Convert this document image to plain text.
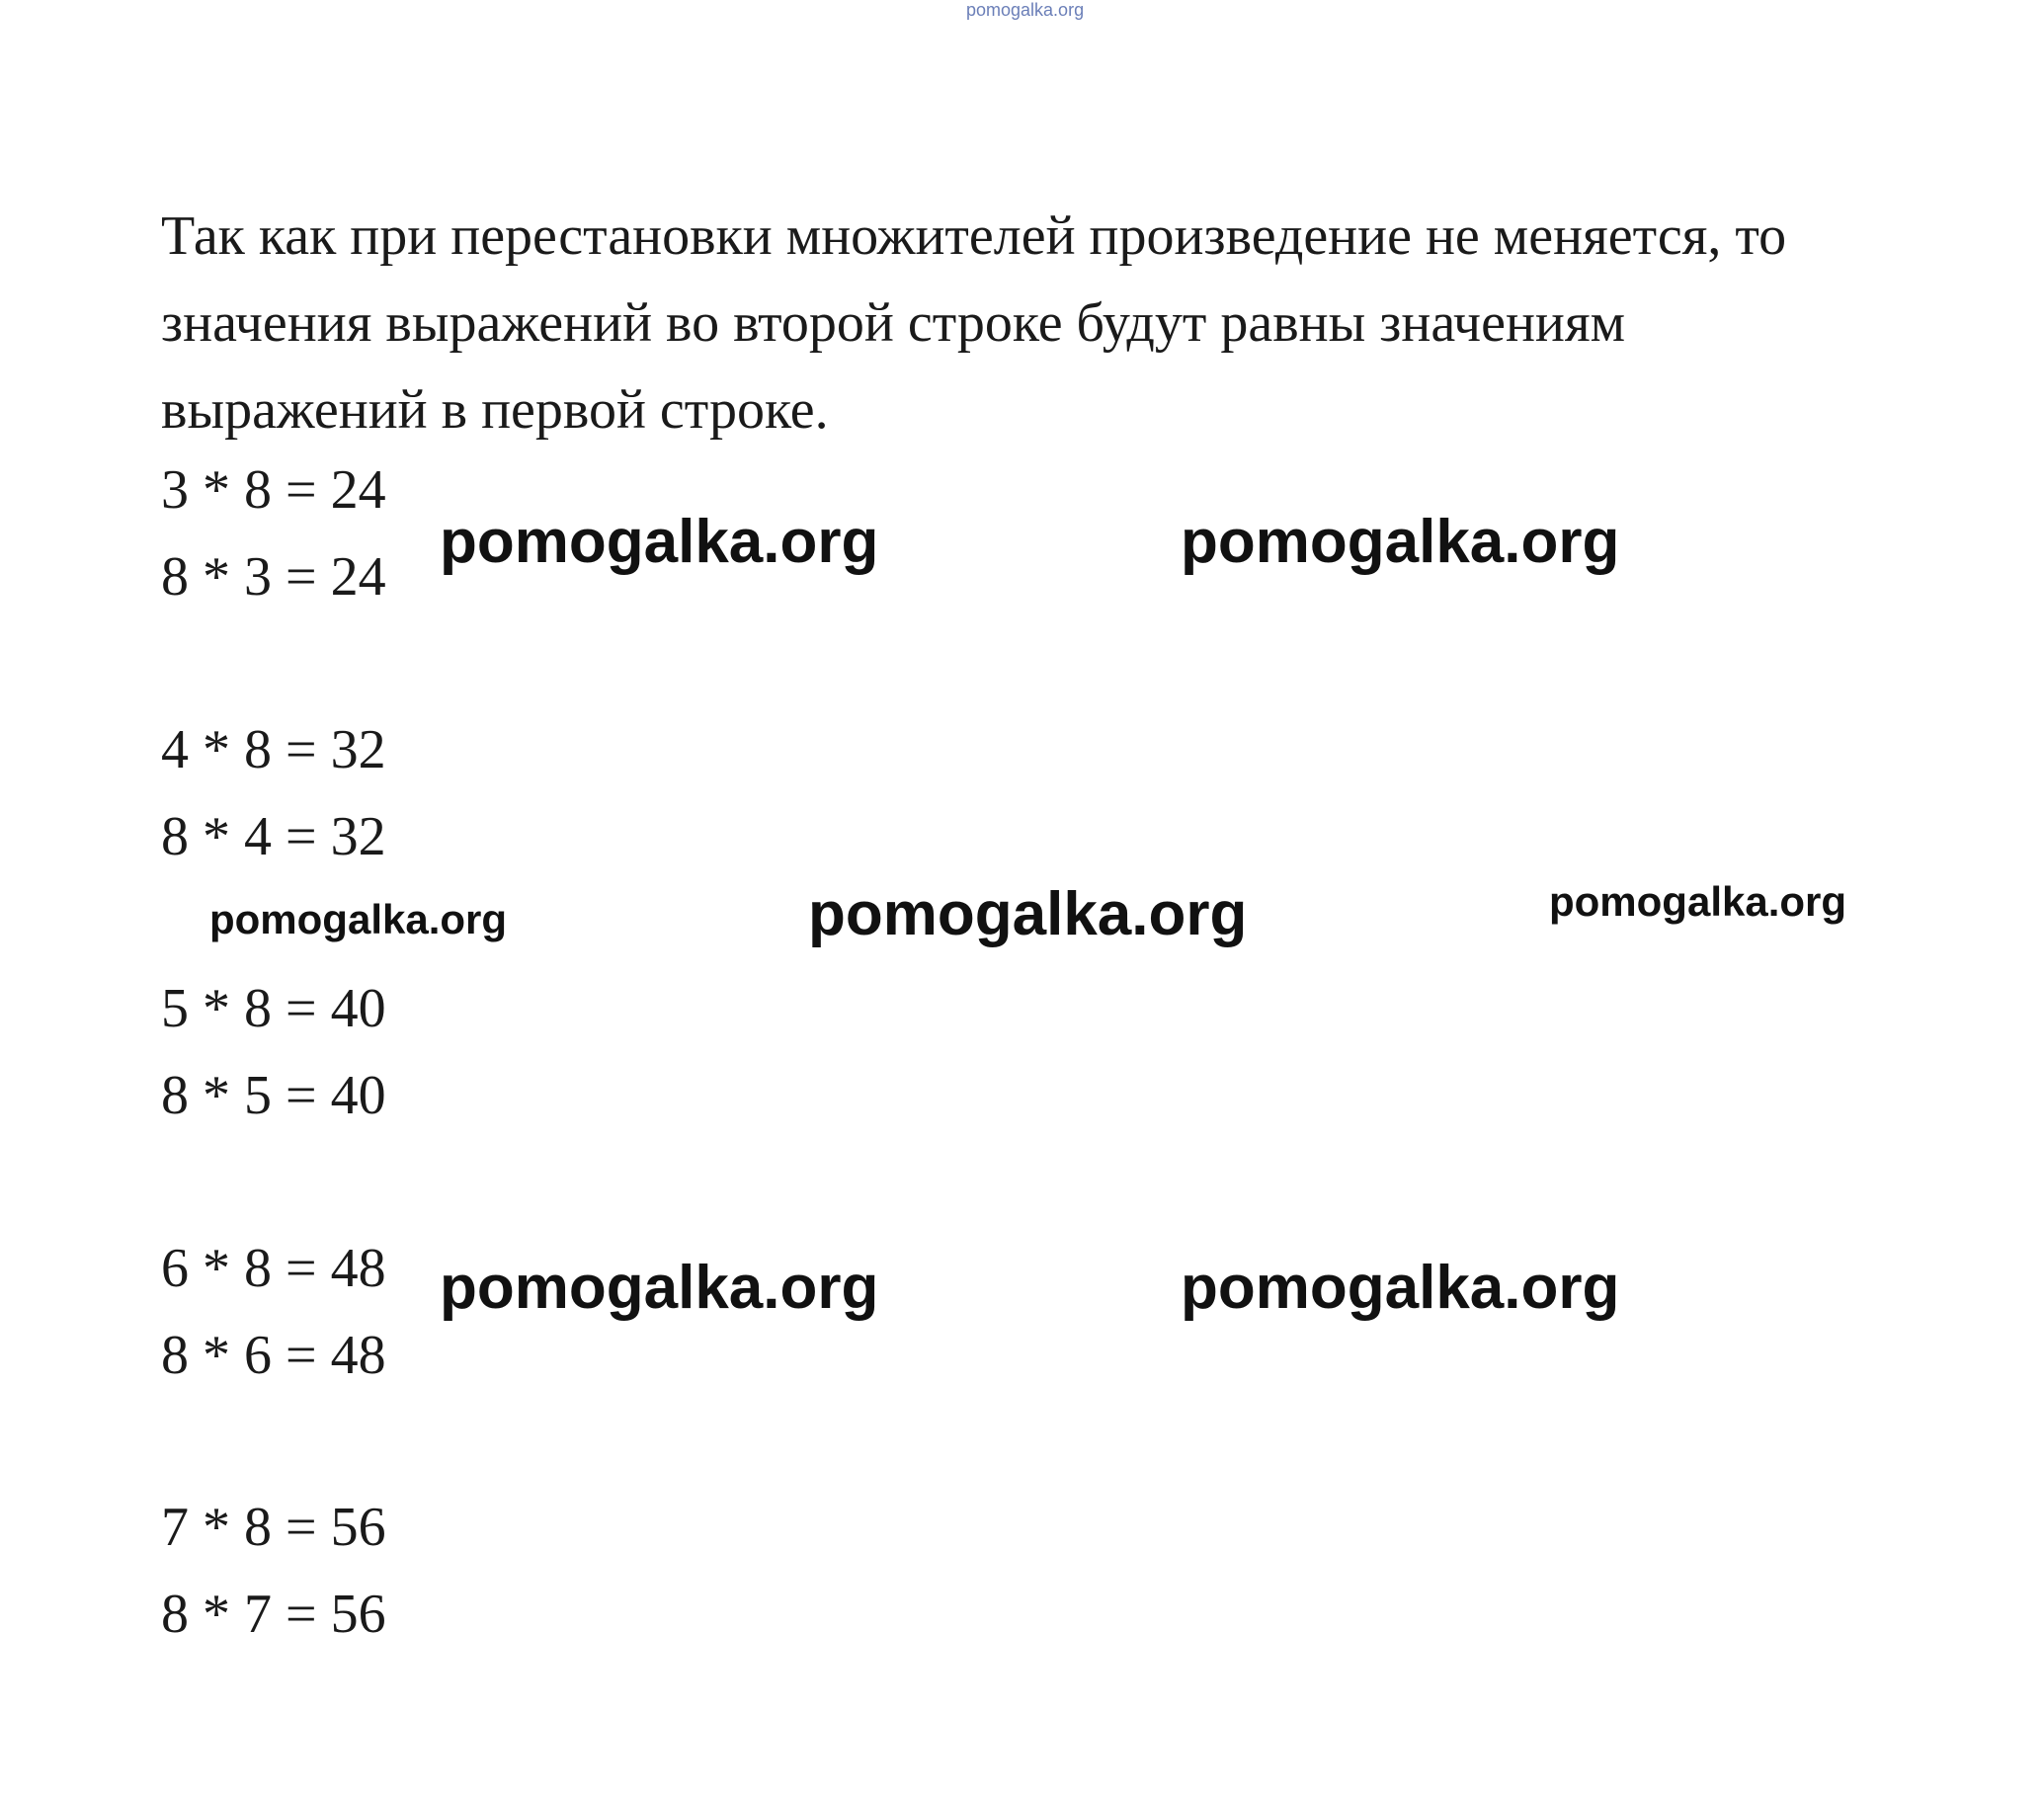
pomogalka.org
Так как при перестановки множителей произведение не меняется, то
значения выражений во второй строке будут равны значениям
выражений в первой строке.
3 * 8 = 24
8 * 3 = 24
4 * 8 = 32
8 * 4 = 32
5 * 8 = 40
8 * 5 = 40
6 * 8 = 48
8 * 6 = 48
7 * 8 = 56
8 * 7 = 56
pomogalka.org	pomogalka.org
pomogalka.org	pomogalka.org	pomogalka.org
pomogalka.org	pomogalka.org
